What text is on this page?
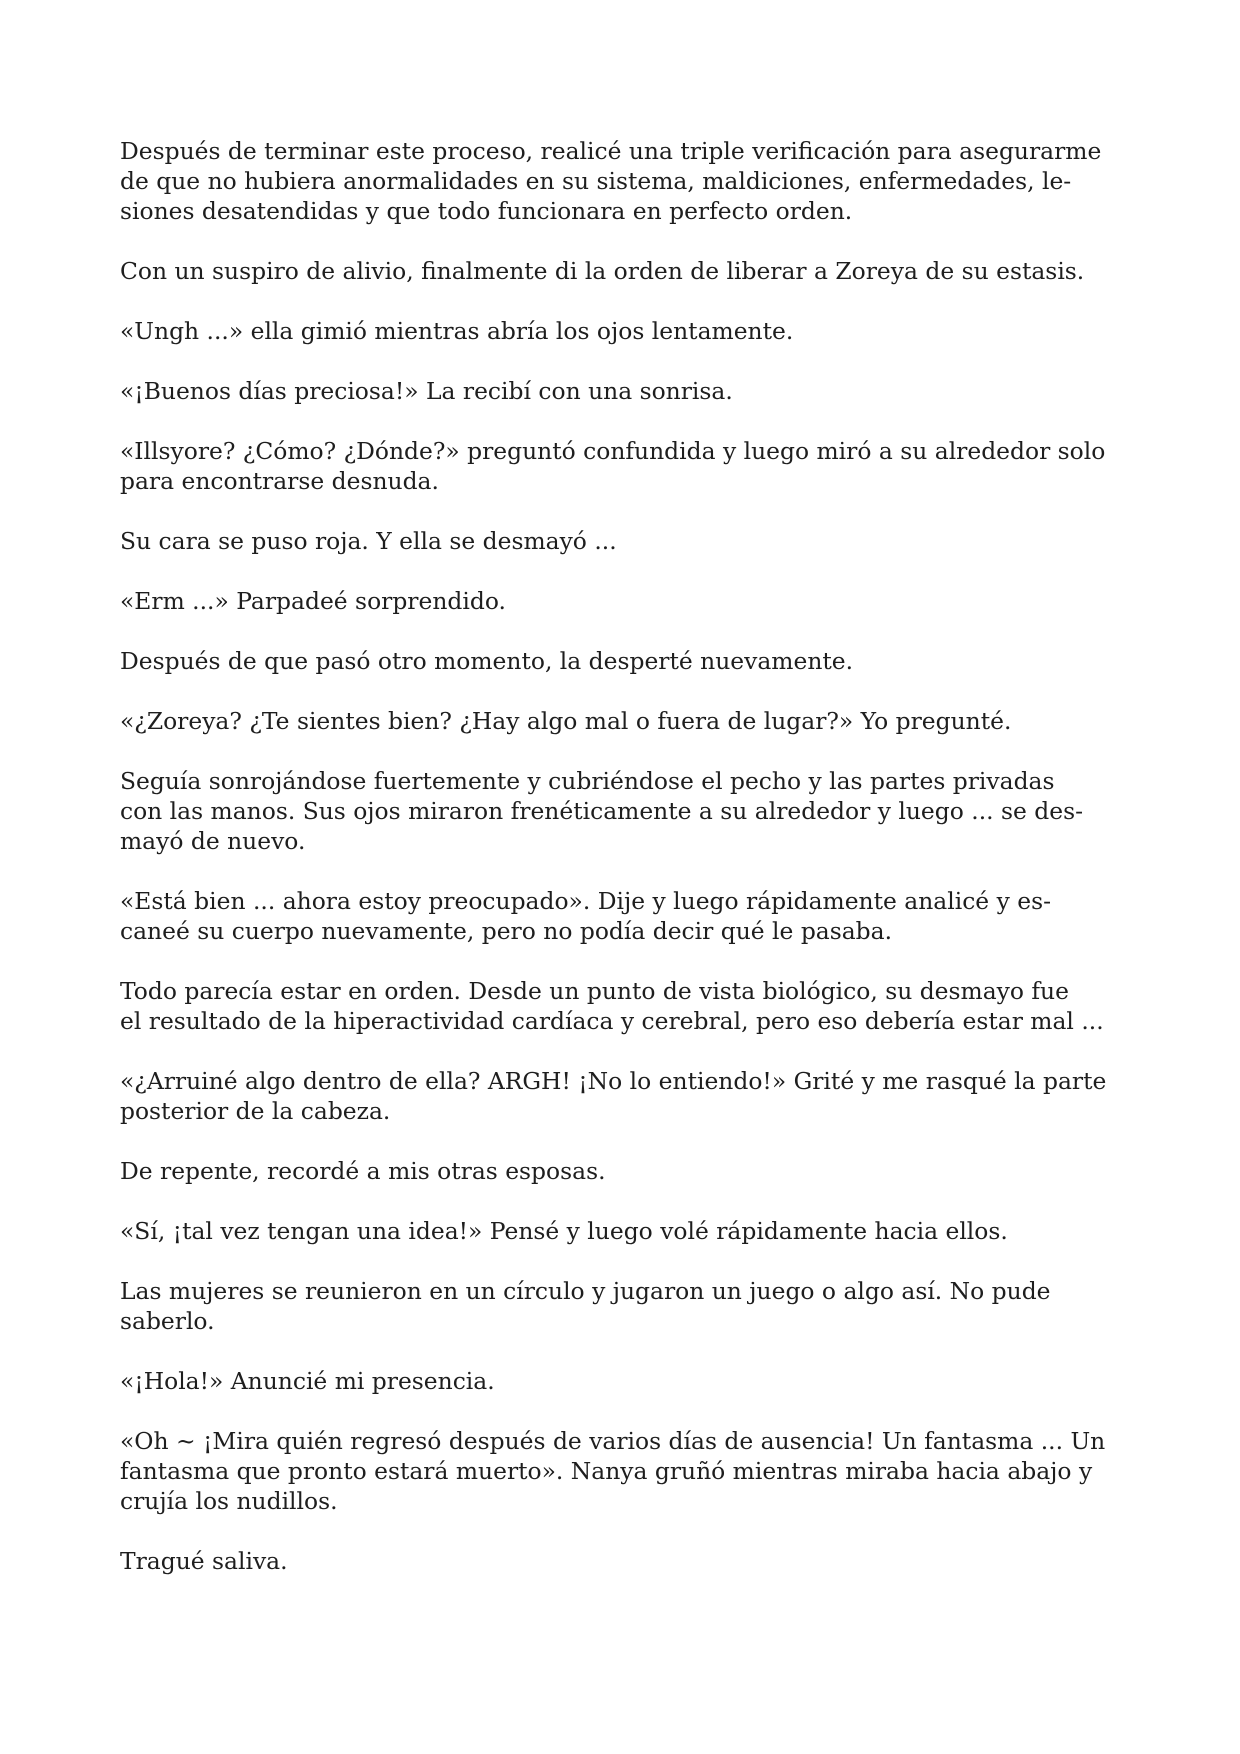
Después de terminar este proceso, realicé una triple verificación para asegurarme
de que no hubiera anormalidades en su sistema, maldiciones, enfermedades, le-
siones desatendidas y que todo funcionara en perfecto orden.

Con un suspiro de alivio, finalmente di la orden de liberar a Zoreya de su estasis.

«Ungh ...» ella gimió mientras abría los ojos lentamente.

«¡Buenos días preciosa!» La recibí con una sonrisa.

«Illsyore? ¿Cómo? ¿Dónde?» preguntó confundida y luego miró a su alrededor solo
para encontrarse desnuda.

Su cara se puso roja. Y ella se desmayó ...

«Erm ...» Parpadeé sorprendido.

Después de que pasó otro momento, la desperté nuevamente.

«¿Zoreya? ¿Te sientes bien? ¿Hay algo mal o fuera de lugar?» Yo pregunté.

Seguía sonrojándose fuertemente y cubriéndose el pecho y las partes privadas
con las manos. Sus ojos miraron frenéticamente a su alrededor y luego ... se des-
mayó de nuevo.

«Está bien ... ahora estoy preocupado». Dije y luego rápidamente analicé y es-
caneé su cuerpo nuevamente, pero no podía decir qué le pasaba.

Todo parecía estar en orden. Desde un punto de vista biológico, su desmayo fue
el resultado de la hiperactividad cardíaca y cerebral, pero eso debería estar mal ...

«¿Arruiné algo dentro de ella? ARGH! ¡No lo entiendo!» Grité y me rasqué la parte
posterior de la cabeza.

De repente, recordé a mis otras esposas.

«Sí, ¡tal vez tengan una idea!» Pensé y luego volé rápidamente hacia ellos.

Las mujeres se reunieron en un círculo y jugaron un juego o algo así. No pude
saberlo.

«¡Hola!» Anuncié mi presencia.

«Oh ~ ¡Mira quién regresó después de varios días de ausencia! Un fantasma ... Un
fantasma que pronto estará muerto». Nanya gruñó mientras miraba hacia abajo y
crujía los nudillos.

Tragué saliva.
